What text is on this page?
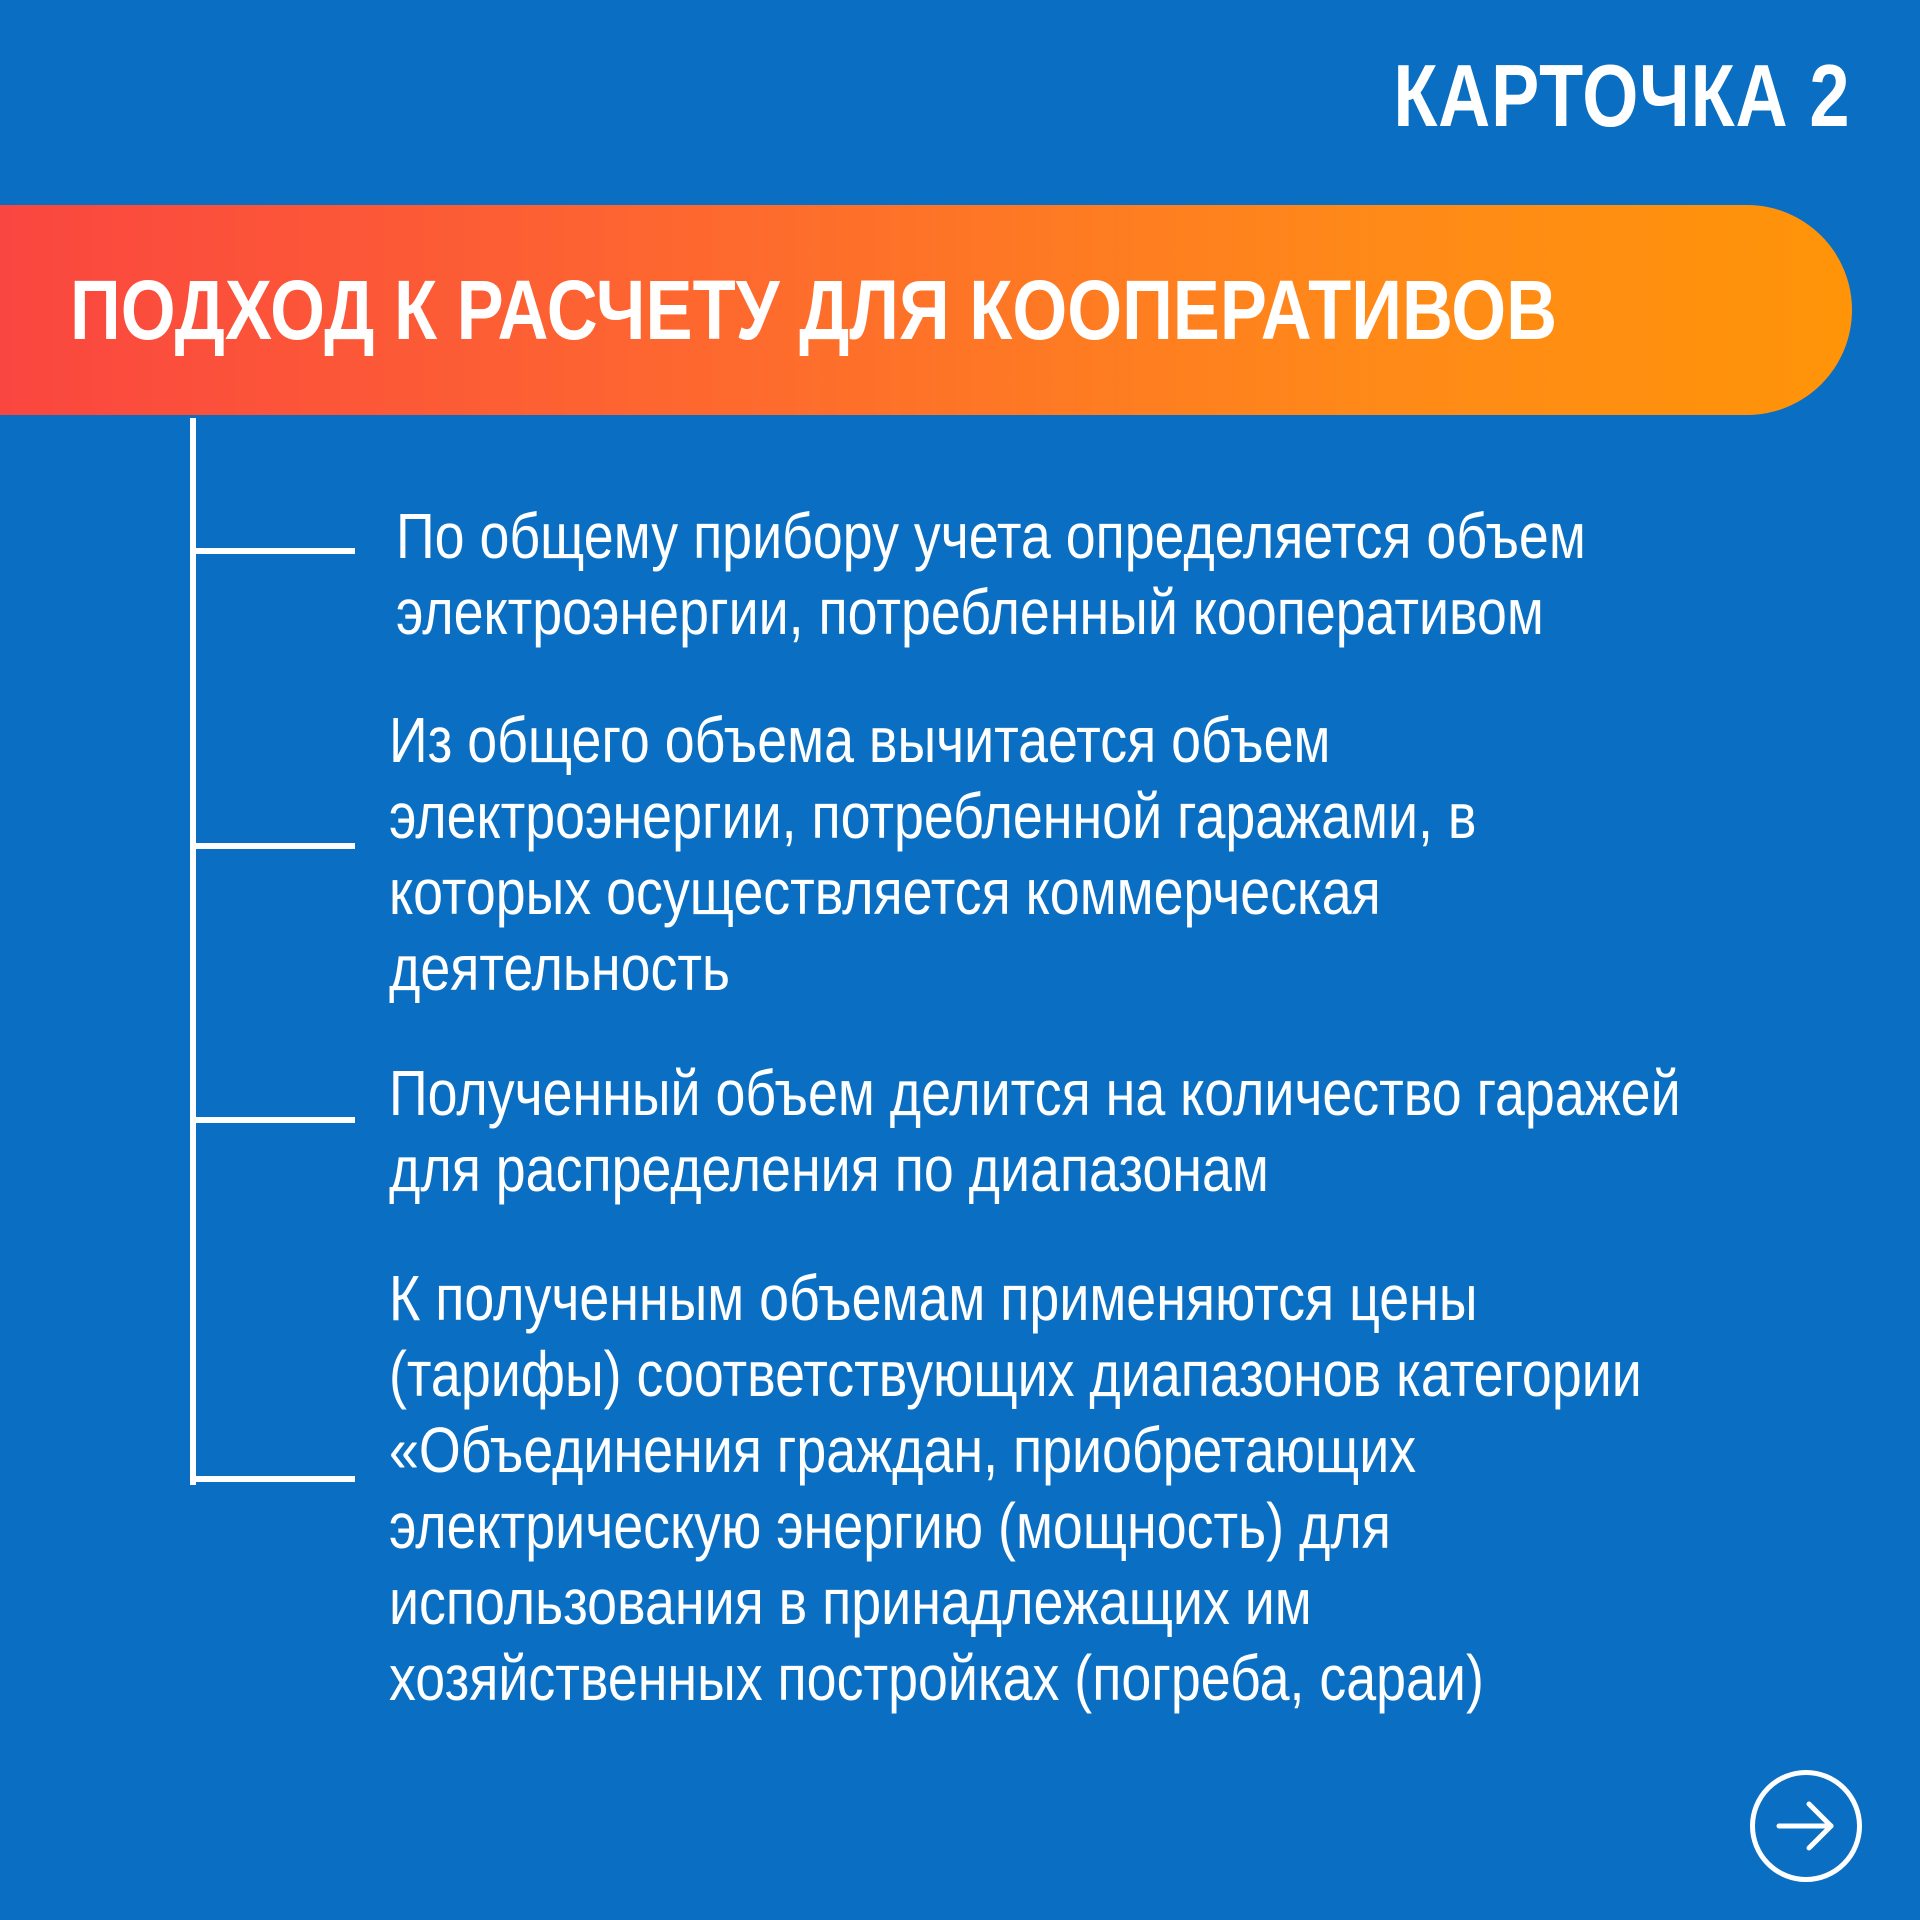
КАРТОЧКА 2
ПОДХОД К РАСЧЕТУ ДЛЯ КООПЕРАТИВОВ
По общему прибору учета определяется объем
электроэнергии, потребленный кооперативом
Из общего объема вычитается объем
электроэнергии, потребленной гаражами, в
которых осуществляется коммерческая
деятельность
Полученный объем делится на количество гаражей
для распределения по диапазонам
К полученным объемам применяются цены
(тарифы) соответствующих диапазонов категории
«Объединения граждан, приобретающих
электрическую энергию (мощность) для
использования в принадлежащих им
хозяйственных постройках (погреба, сараи)
